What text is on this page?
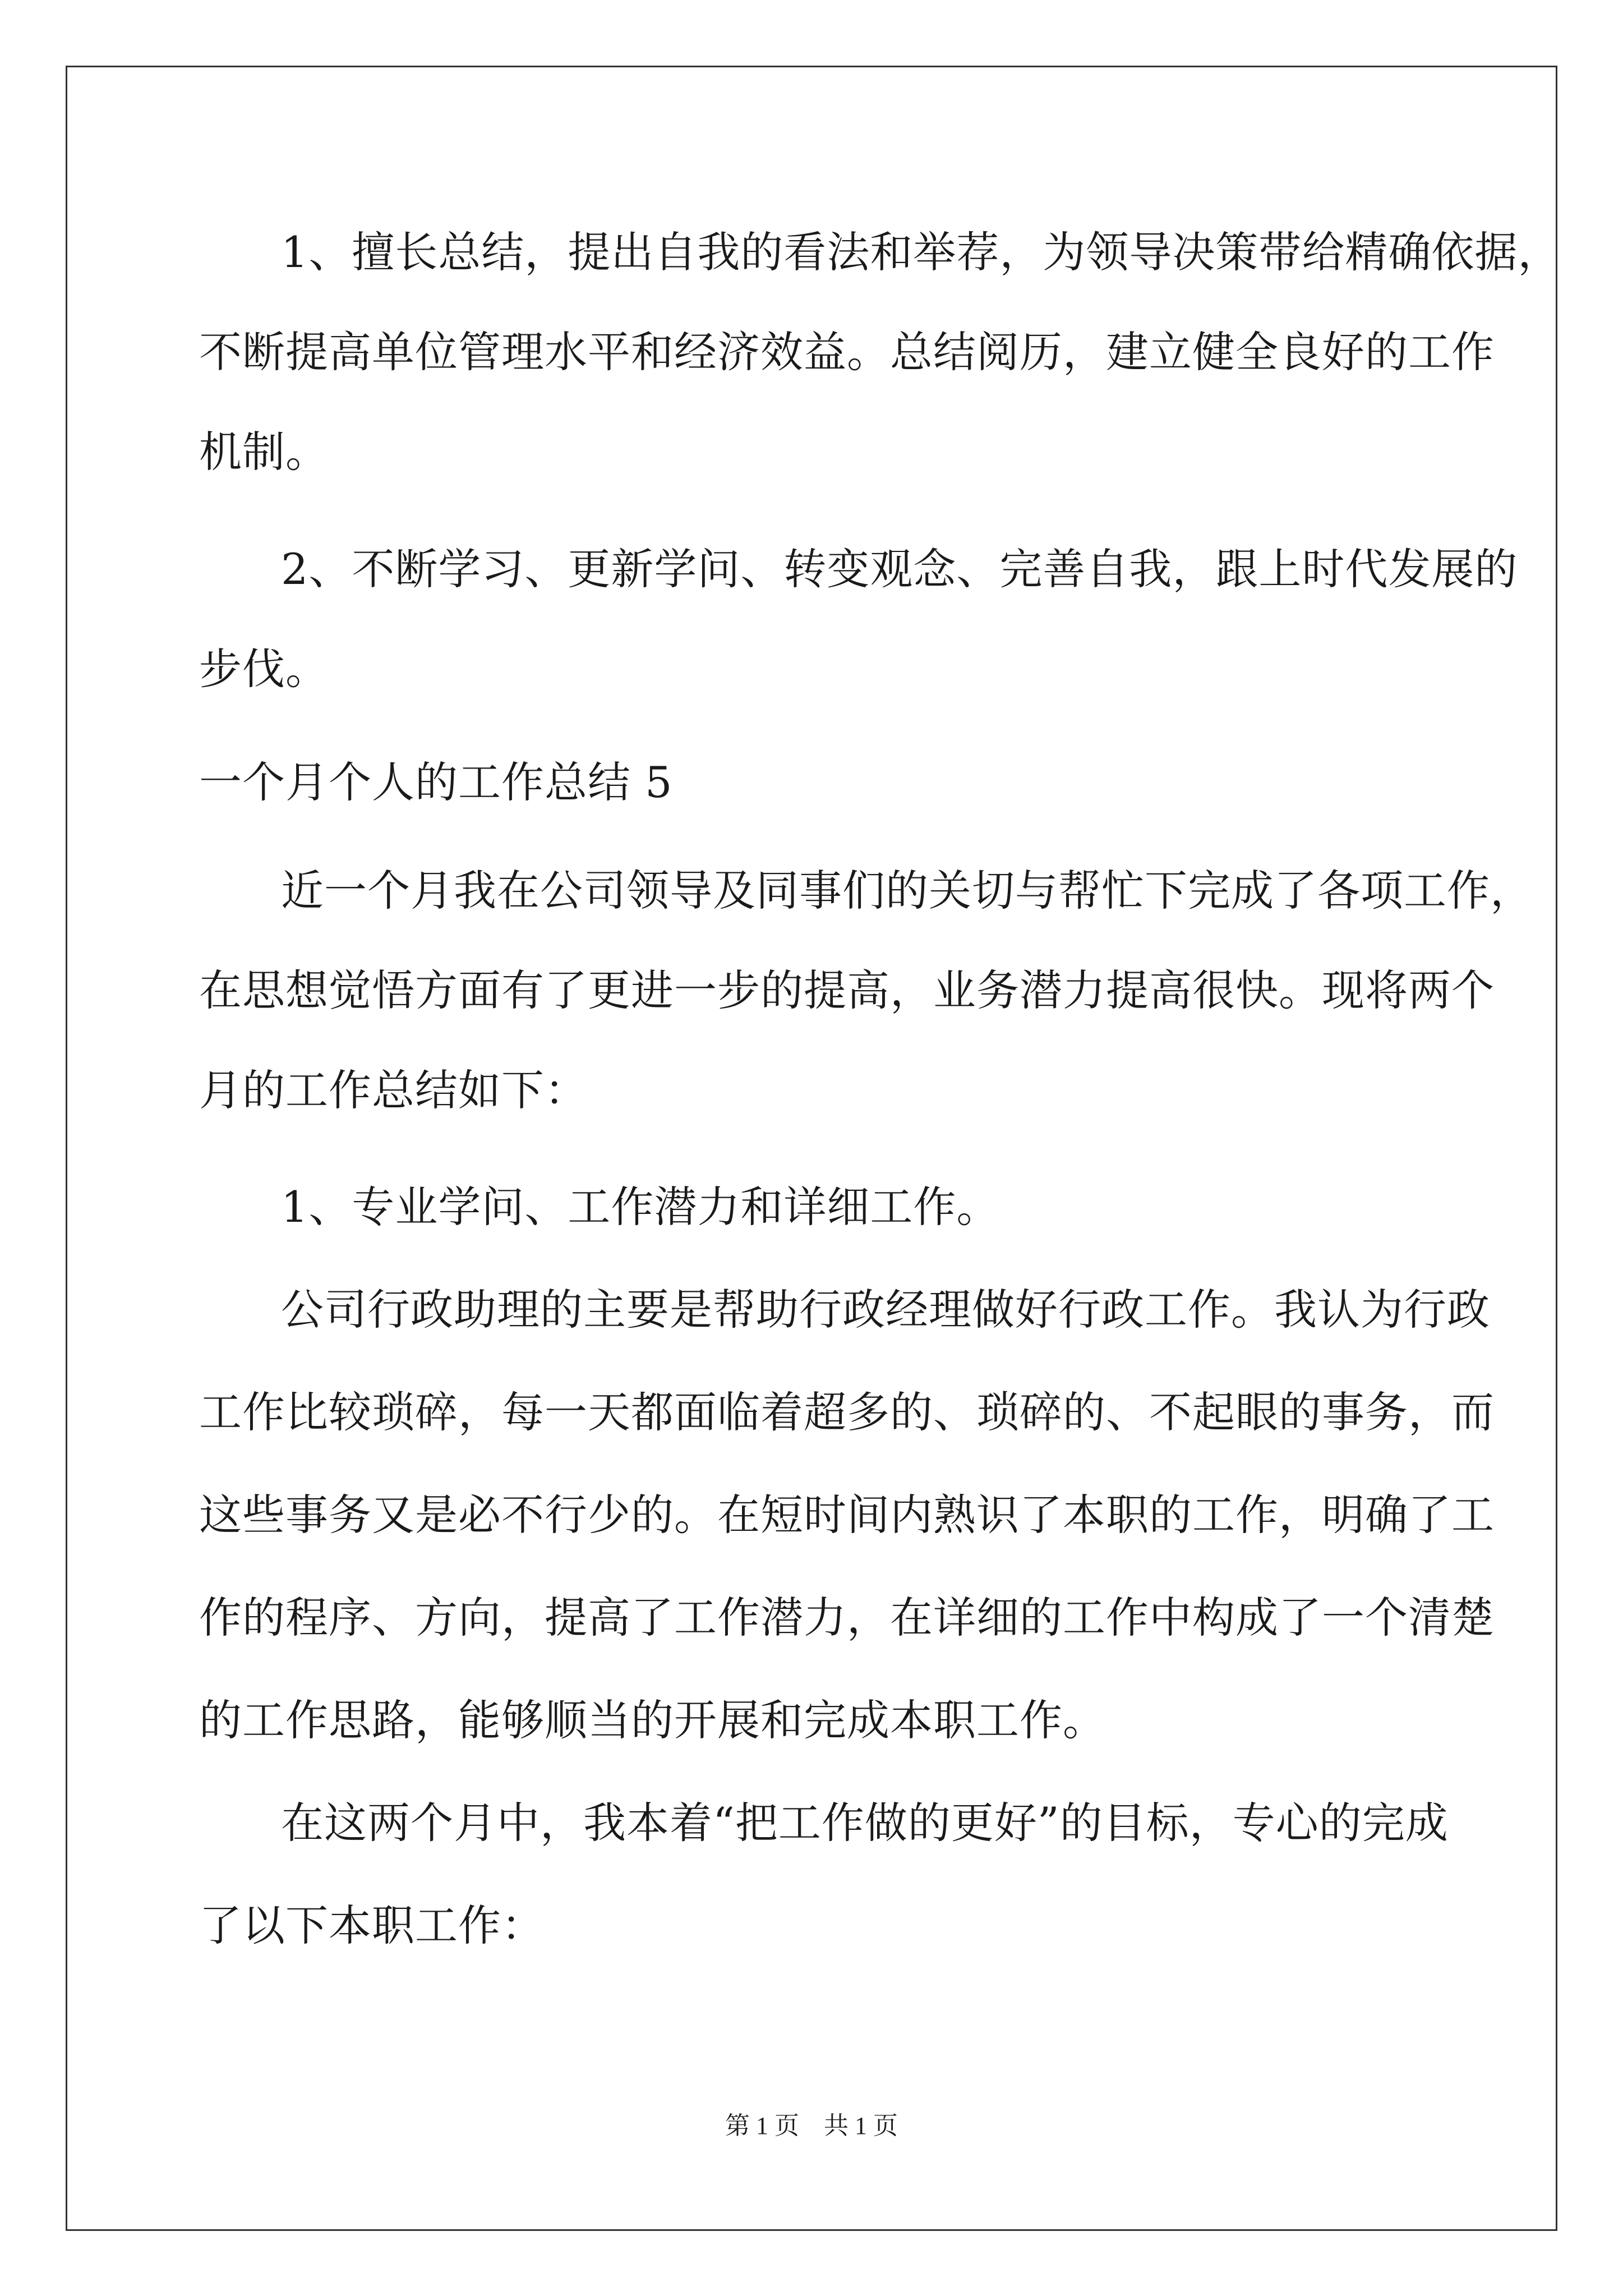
1、擅长总结，提出自我的看法和举荐，为领导决策带给精确依据，
不断提高单位管理水平和经济效益。总结阅历，建立健全良好的工作
机制。
2、不断学习、更新学问、转变观念、完善自我，跟上时代发展的
步伐。
一个月个人的工作总结 5
近一个月我在公司领导及同事们的关切与帮忙下完成了各项工作，
在思想觉悟方面有了更进一步的提高，业务潜力提高很快。现将两个
月的工作总结如下：
1、专业学问、工作潜力和详细工作。
公司行政助理的主要是帮助行政经理做好行政工作。我认为行政
工作比较琐碎，每一天都面临着超多的、琐碎的、不起眼的事务，而
这些事务又是必不行少的。在短时间内熟识了本职的工作，明确了工
作的程序、方向，提高了工作潜力，在详细的工作中构成了一个清楚
的工作思路，能够顺当的开展和完成本职工作。
在这两个月中，我本着“把工作做的更好”的目标，专心的完成
了以下本职工作：
第 1 页　共 1 页
